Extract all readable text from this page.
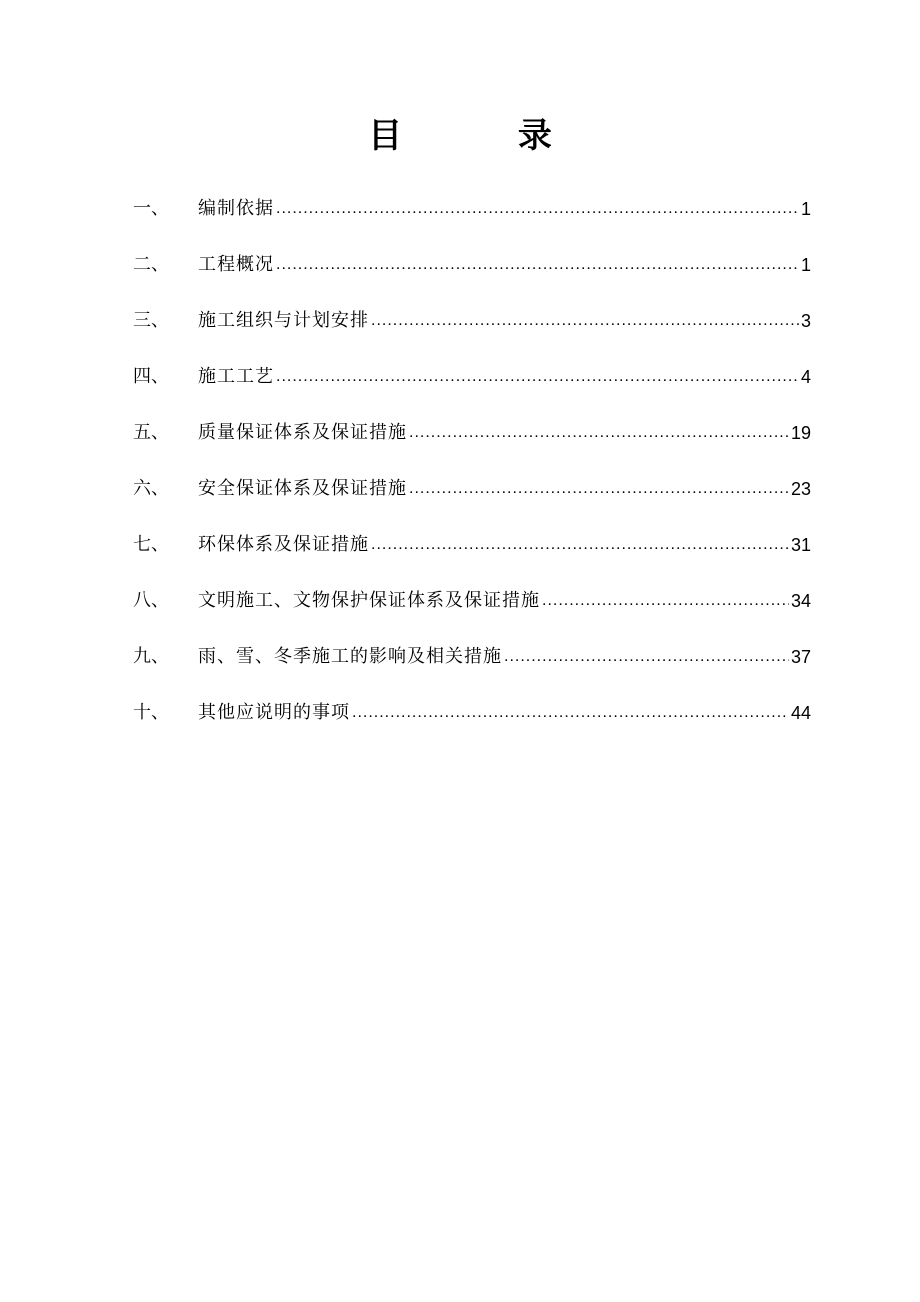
目 录
一、	编制依据 .....	1
二、	工程概况 .....	1
三、	施工组织与计划安排 .....	3
四、	施工工艺 .....	4
五、	质量保证体系及保证措施 .....	19
六、	安全保证体系及保证措施 .....	23
七、	环保体系及保证措施 .....	31
八、	文明施工、文物保护保证体系及保证措施 .....	34
九、	雨、雪、冬季施工的影响及相关措施 .....	37
十、	其他应说明的事项 .....	44
